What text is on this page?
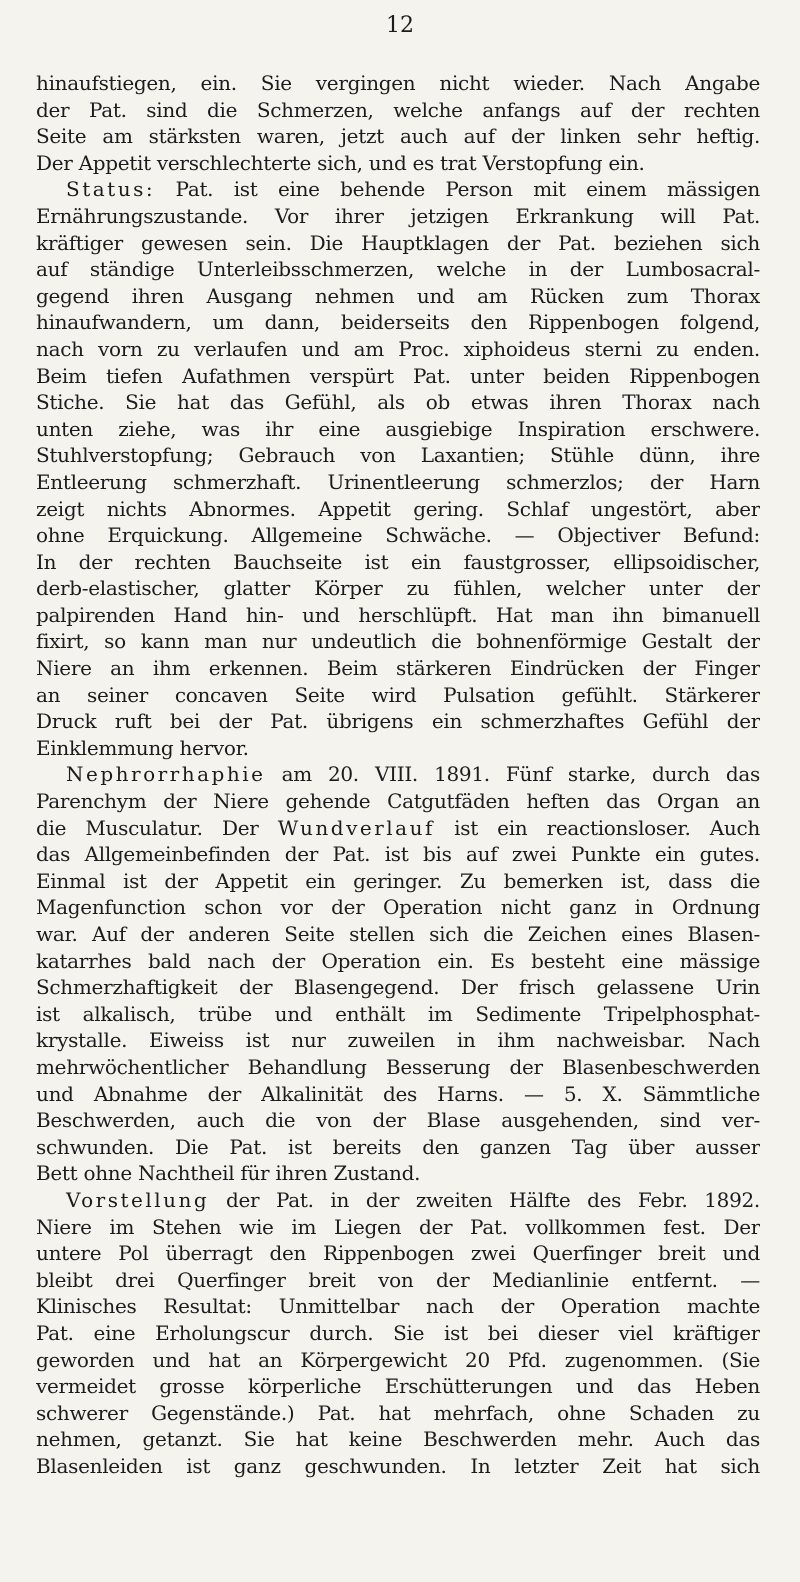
12
hinaufstiegen, ein. Sie vergingen nicht wieder. Nach Angabe
der Pat. sind die Schmerzen, welche anfangs auf der rechten
Seite am stärksten waren, jetzt auch auf der linken sehr heftig.
Der Appetit verschlechterte sich, und es trat Verstopfung ein.
Status: Pat. ist eine behende Person mit einem mässigen
Ernährungszustande. Vor ihrer jetzigen Erkrankung will Pat.
kräftiger gewesen sein. Die Hauptklagen der Pat. beziehen sich
auf ständige Unterleibsschmerzen, welche in der Lumbosacral-
gegend ihren Ausgang nehmen und am Rücken zum Thorax
hinaufwandern, um dann, beiderseits den Rippenbogen folgend,
nach vorn zu verlaufen und am Proc. xiphoideus sterni zu enden.
Beim tiefen Aufathmen verspürt Pat. unter beiden Rippenbogen
Stiche. Sie hat das Gefühl, als ob etwas ihren Thorax nach
unten ziehe, was ihr eine ausgiebige Inspiration erschwere.
Stuhlverstopfung; Gebrauch von Laxantien; Stühle dünn, ihre
Entleerung schmerzhaft. Urinentleerung schmerzlos; der Harn
zeigt nichts Abnormes. Appetit gering. Schlaf ungestört, aber
ohne Erquickung. Allgemeine Schwäche. — Objectiver Befund:
In der rechten Bauchseite ist ein faustgrosser, ellipsoidischer,
derb-elastischer, glatter Körper zu fühlen, welcher unter der
palpirenden Hand hin- und herschlüpft. Hat man ihn bimanuell
fixirt, so kann man nur undeutlich die bohnenförmige Gestalt der
Niere an ihm erkennen. Beim stärkeren Eindrücken der Finger
an seiner concaven Seite wird Pulsation gefühlt. Stärkerer
Druck ruft bei der Pat. übrigens ein schmerzhaftes Gefühl der
Einklemmung hervor.
Nephrorrhaphie am 20. VIII. 1891. Fünf starke, durch das
Parenchym der Niere gehende Catgutfäden heften das Organ an
die Musculatur. Der Wundverlauf ist ein reactionsloser. Auch
das Allgemeinbefinden der Pat. ist bis auf zwei Punkte ein gutes.
Einmal ist der Appetit ein geringer. Zu bemerken ist, dass die
Magenfunction schon vor der Operation nicht ganz in Ordnung
war. Auf der anderen Seite stellen sich die Zeichen eines Blasen-
katarrhes bald nach der Operation ein. Es besteht eine mässige
Schmerzhaftigkeit der Blasengegend. Der frisch gelassene Urin
ist alkalisch, trübe und enthält im Sedimente Tripelphosphat-
krystalle. Eiweiss ist nur zuweilen in ihm nachweisbar. Nach
mehrwöchentlicher Behandlung Besserung der Blasenbeschwerden
und Abnahme der Alkalinität des Harns. — 5. X. Sämmtliche
Beschwerden, auch die von der Blase ausgehenden, sind ver-
schwunden. Die Pat. ist bereits den ganzen Tag über ausser
Bett ohne Nachtheil für ihren Zustand.
Vorstellung der Pat. in der zweiten Hälfte des Febr. 1892.
Niere im Stehen wie im Liegen der Pat. vollkommen fest. Der
untere Pol überragt den Rippenbogen zwei Querfinger breit und
bleibt drei Querfinger breit von der Medianlinie entfernt. —
Klinisches Resultat: Unmittelbar nach der Operation machte
Pat. eine Erholungscur durch. Sie ist bei dieser viel kräftiger
geworden und hat an Körpergewicht 20 Pfd. zugenommen. (Sie
vermeidet grosse körperliche Erschütterungen und das Heben
schwerer Gegenstände.) Pat. hat mehrfach, ohne Schaden zu
nehmen, getanzt. Sie hat keine Beschwerden mehr. Auch das
Blasenleiden ist ganz geschwunden. In letzter Zeit hat sich
